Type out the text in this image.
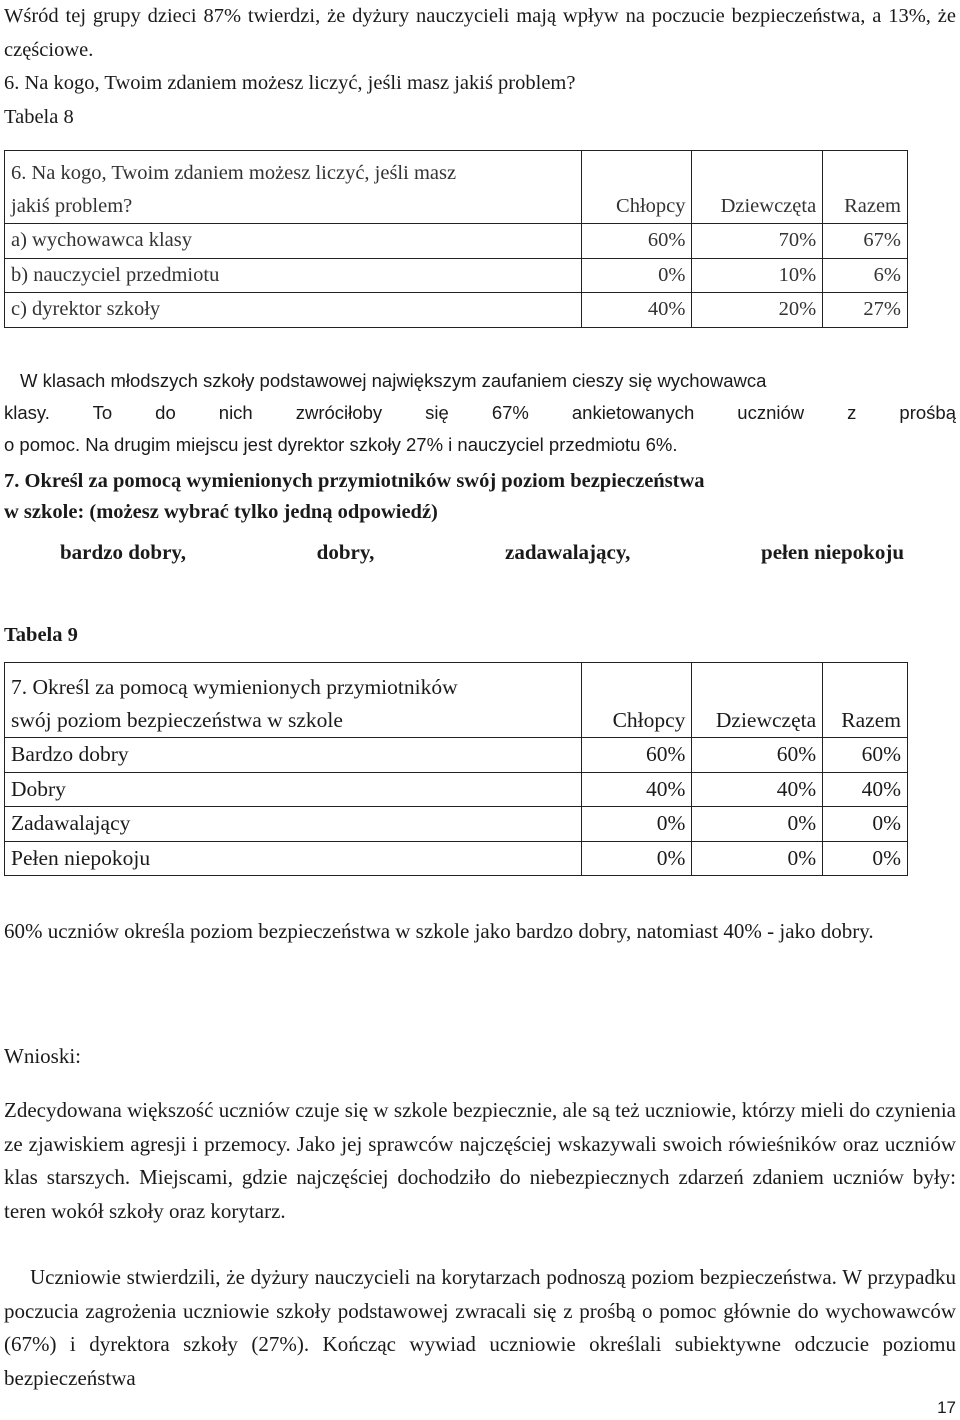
Wśród tej grupy dzieci 87% twierdzi, że dyżury nauczycieli mają wpływ na poczucie bezpieczeństwa, a 13%, że częściowe.

6. Na kogo, Twoim zdaniem możesz liczyć, jeśli masz jakiś problem?

Tabela 8

6. Na kogo, Twoim zdaniem możesz liczyć, jeśli masz
jakiś problem?	Chłopcy	Dziewczęta	Razem
a) wychowawca klasy	60%	70%	67%
b) nauczyciel przedmiotu	0%	10%	6%
c) dyrektor szkoły	40%	20%	27%
W klasach młodszych szkoły podstawowej największym zaufaniem cieszy się wychowawca
klasy. To do nich zwróciłoby się 67% ankietowanych uczniów z prośbą
o pomoc. Na drugim miejscu jest dyrektor szkoły 27% i nauczyciel przedmiotu 6%.
7. Określ za pomocą wymienionych przymiotników swój poziom bezpieczeństwa
w szkole: (możesz wybrać tylko jedną odpowiedź)
bardzo dobry,	dobry,	zadawalający,	pełen niepokoju

Tabela 9

7. Określ za pomocą wymienionych przymiotników
swój poziom bezpieczeństwa w szkole	Chłopcy	Dziewczęta	Razem
Bardzo dobry	60%	60%	60%
Dobry	40%	40%	40%
Zadawalający	0%	0%	0%
Pełen niepokoju	0%	0%	0%

60% uczniów określa poziom bezpieczeństwa w szkole jako bardzo dobry, natomiast 40% - jako dobry.

Wnioski:

Zdecydowana większość uczniów czuje się w szkole bezpiecznie, ale są też uczniowie, którzy mieli do czynienia ze zjawiskiem agresji i przemocy. Jako jej sprawców najczęściej wskazywali swoich rówieśników oraz uczniów klas starszych. Miejscami, gdzie najczęściej dochodziło do niebezpiecznych zdarzeń zdaniem uczniów były: teren wokół szkoły oraz korytarz.

Uczniowie stwierdzili, że dyżury nauczycieli na korytarzach podnoszą poziom bezpieczeństwa. W przypadku poczucia zagrożenia uczniowie szkoły podstawowej zwracali się z prośbą o pomoc głównie do wychowawców (67%) i dyrektora szkoły (27%). Kończąc wywiad uczniowie określali subiektywne odczucie poziomu bezpieczeństwa

17
